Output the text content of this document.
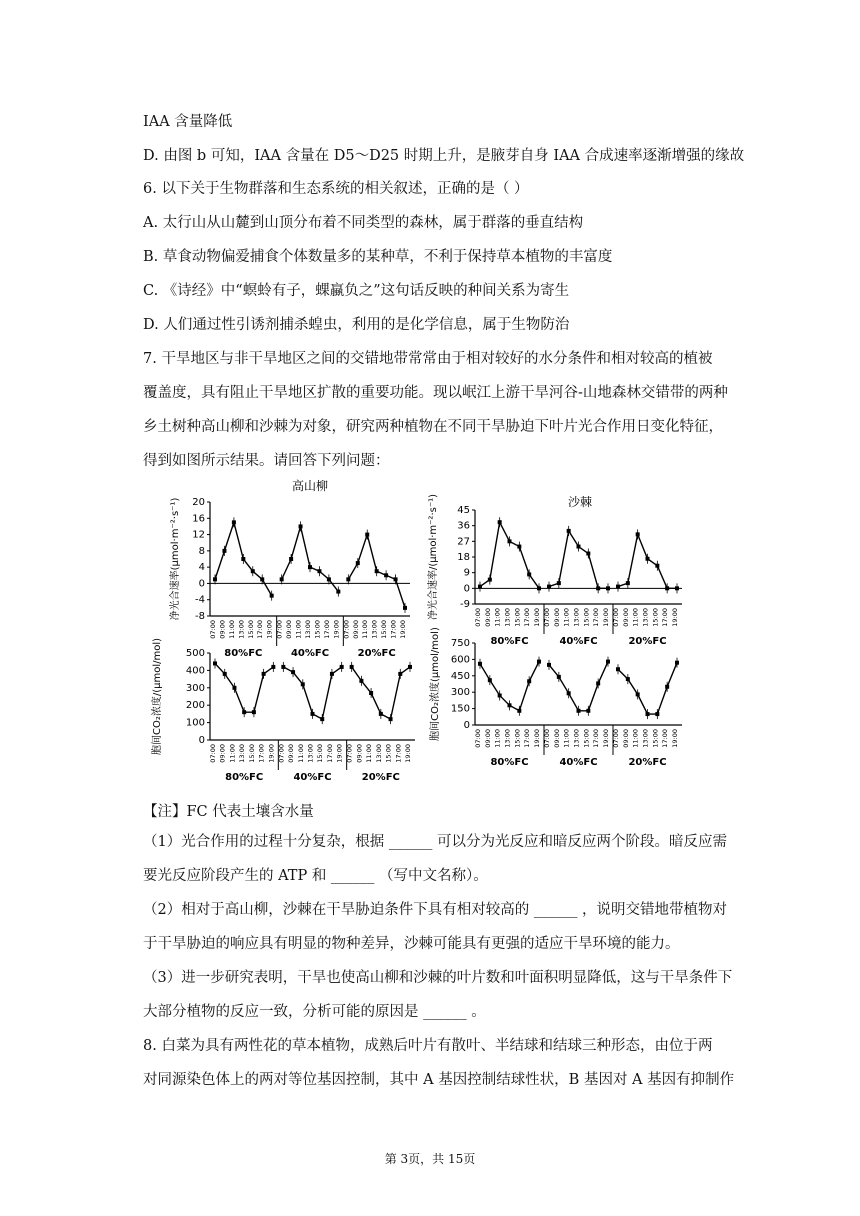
IAA 含量降低
D. 由图 b 可知，IAA 含量在 D5～D25 时期上升，是腋芽自身 IAA 合成速率逐渐增强的缘故
6. 以下关于生物群落和生态系统的相关叙述，正确的是（ ）
A. 太行山从山麓到山顶分布着不同类型的森林，属于群落的垂直结构
B. 草食动物偏爱捕食个体数量多的某种草，不利于保持草本植物的丰富度
C. 《诗经》中“螟蛉有子，蜾蠃负之”这句话反映的种间关系为寄生
D. 人们通过性引诱剂捕杀蝗虫，利用的是化学信息，属于生物防治
7. 干旱地区与非干旱地区之间的交错地带常常由于相对较好的水分条件和相对较高的植被
覆盖度，具有阻止干旱地区扩散的重要功能。现以岷江上游干旱河谷-山地森林交错带的两种
乡土树种高山柳和沙棘为对象，研究两种植物在不同干旱胁迫下叶片光合作用日变化特征，
得到如图所示结果。请回答下列问题：
【注】FC 代表土壤含水量
（1）光合作用的过程十分复杂，根据 ______ 可以分为光反应和暗反应两个阶段。暗反应需
要光反应阶段产生的 ATP 和 ______ （写中文名称）。
（2）相对于高山柳，沙棘在干旱胁迫条件下具有相对较高的 ______ ，说明交错地带植物对
于干旱胁迫的响应具有明显的物种差异，沙棘可能具有更强的适应干旱环境的能力。
（3）进一步研究表明，干旱也使高山柳和沙棘的叶片数和叶面积明显降低，这与干旱条件下
大部分植物的反应一致，分析可能的原因是 ______ 。
8. 白菜为具有两性花的草本植物，成熟后叶片有散叶、半结球和结球三种形态，由位于两
对同源染色体上的两对等位基因控制，其中 A 基因控制结球性状，B 基因对 A 基因有抑制作
20
16
12
8
4
0
-4
-8
净光合速率(μmol·m⁻²·s⁻¹)
高山柳
07:00 09:00 11:00 13:00 15:00 17:00 19:00
80%FC
07:00 09:00 11:00 13:00 15:00 17:00 19:00
40%FC
07:00 09:00 11:00 13:00 15:00 17:00 19:00
20%FC
45
36
27
18
9
0
-9
净光合速率/(μmol·m⁻²·s⁻¹)	沙棘
07:00 09:00 11:00 13:00 15:00 17:00 19:00
80%FC
07:00 09:00 11:00 13:00 15:00 17:00 19:00
40%FC
07:00 09:00 11:00 13:00 15:00 17:00 19:00
20%FC
500
400
300
200
100
0
胞间CO₂浓度/(μmol/mol)	07:00 09:00 11:00 13:00 15:00 17:00 19:00
80%FC
07:00 09:00 11:00 13:00 15:00 17:00 19:00
40%FC
07:00 09:00 11:00 13:00 15:00 17:00 19:00
20%FC
750
600
450
300
150
0
胞间CO₂浓度(μmol/mol)	07:00 09:00 11:00 13:00 15:00 17:00 19:00
80%FC
07:00 09:00 11:00 13:00 15:00 17:00 19:00
40%FC
07:00 09:00 11:00 13:00 15:00 17:00 19:00
20%FC
第 3页，共 15页
